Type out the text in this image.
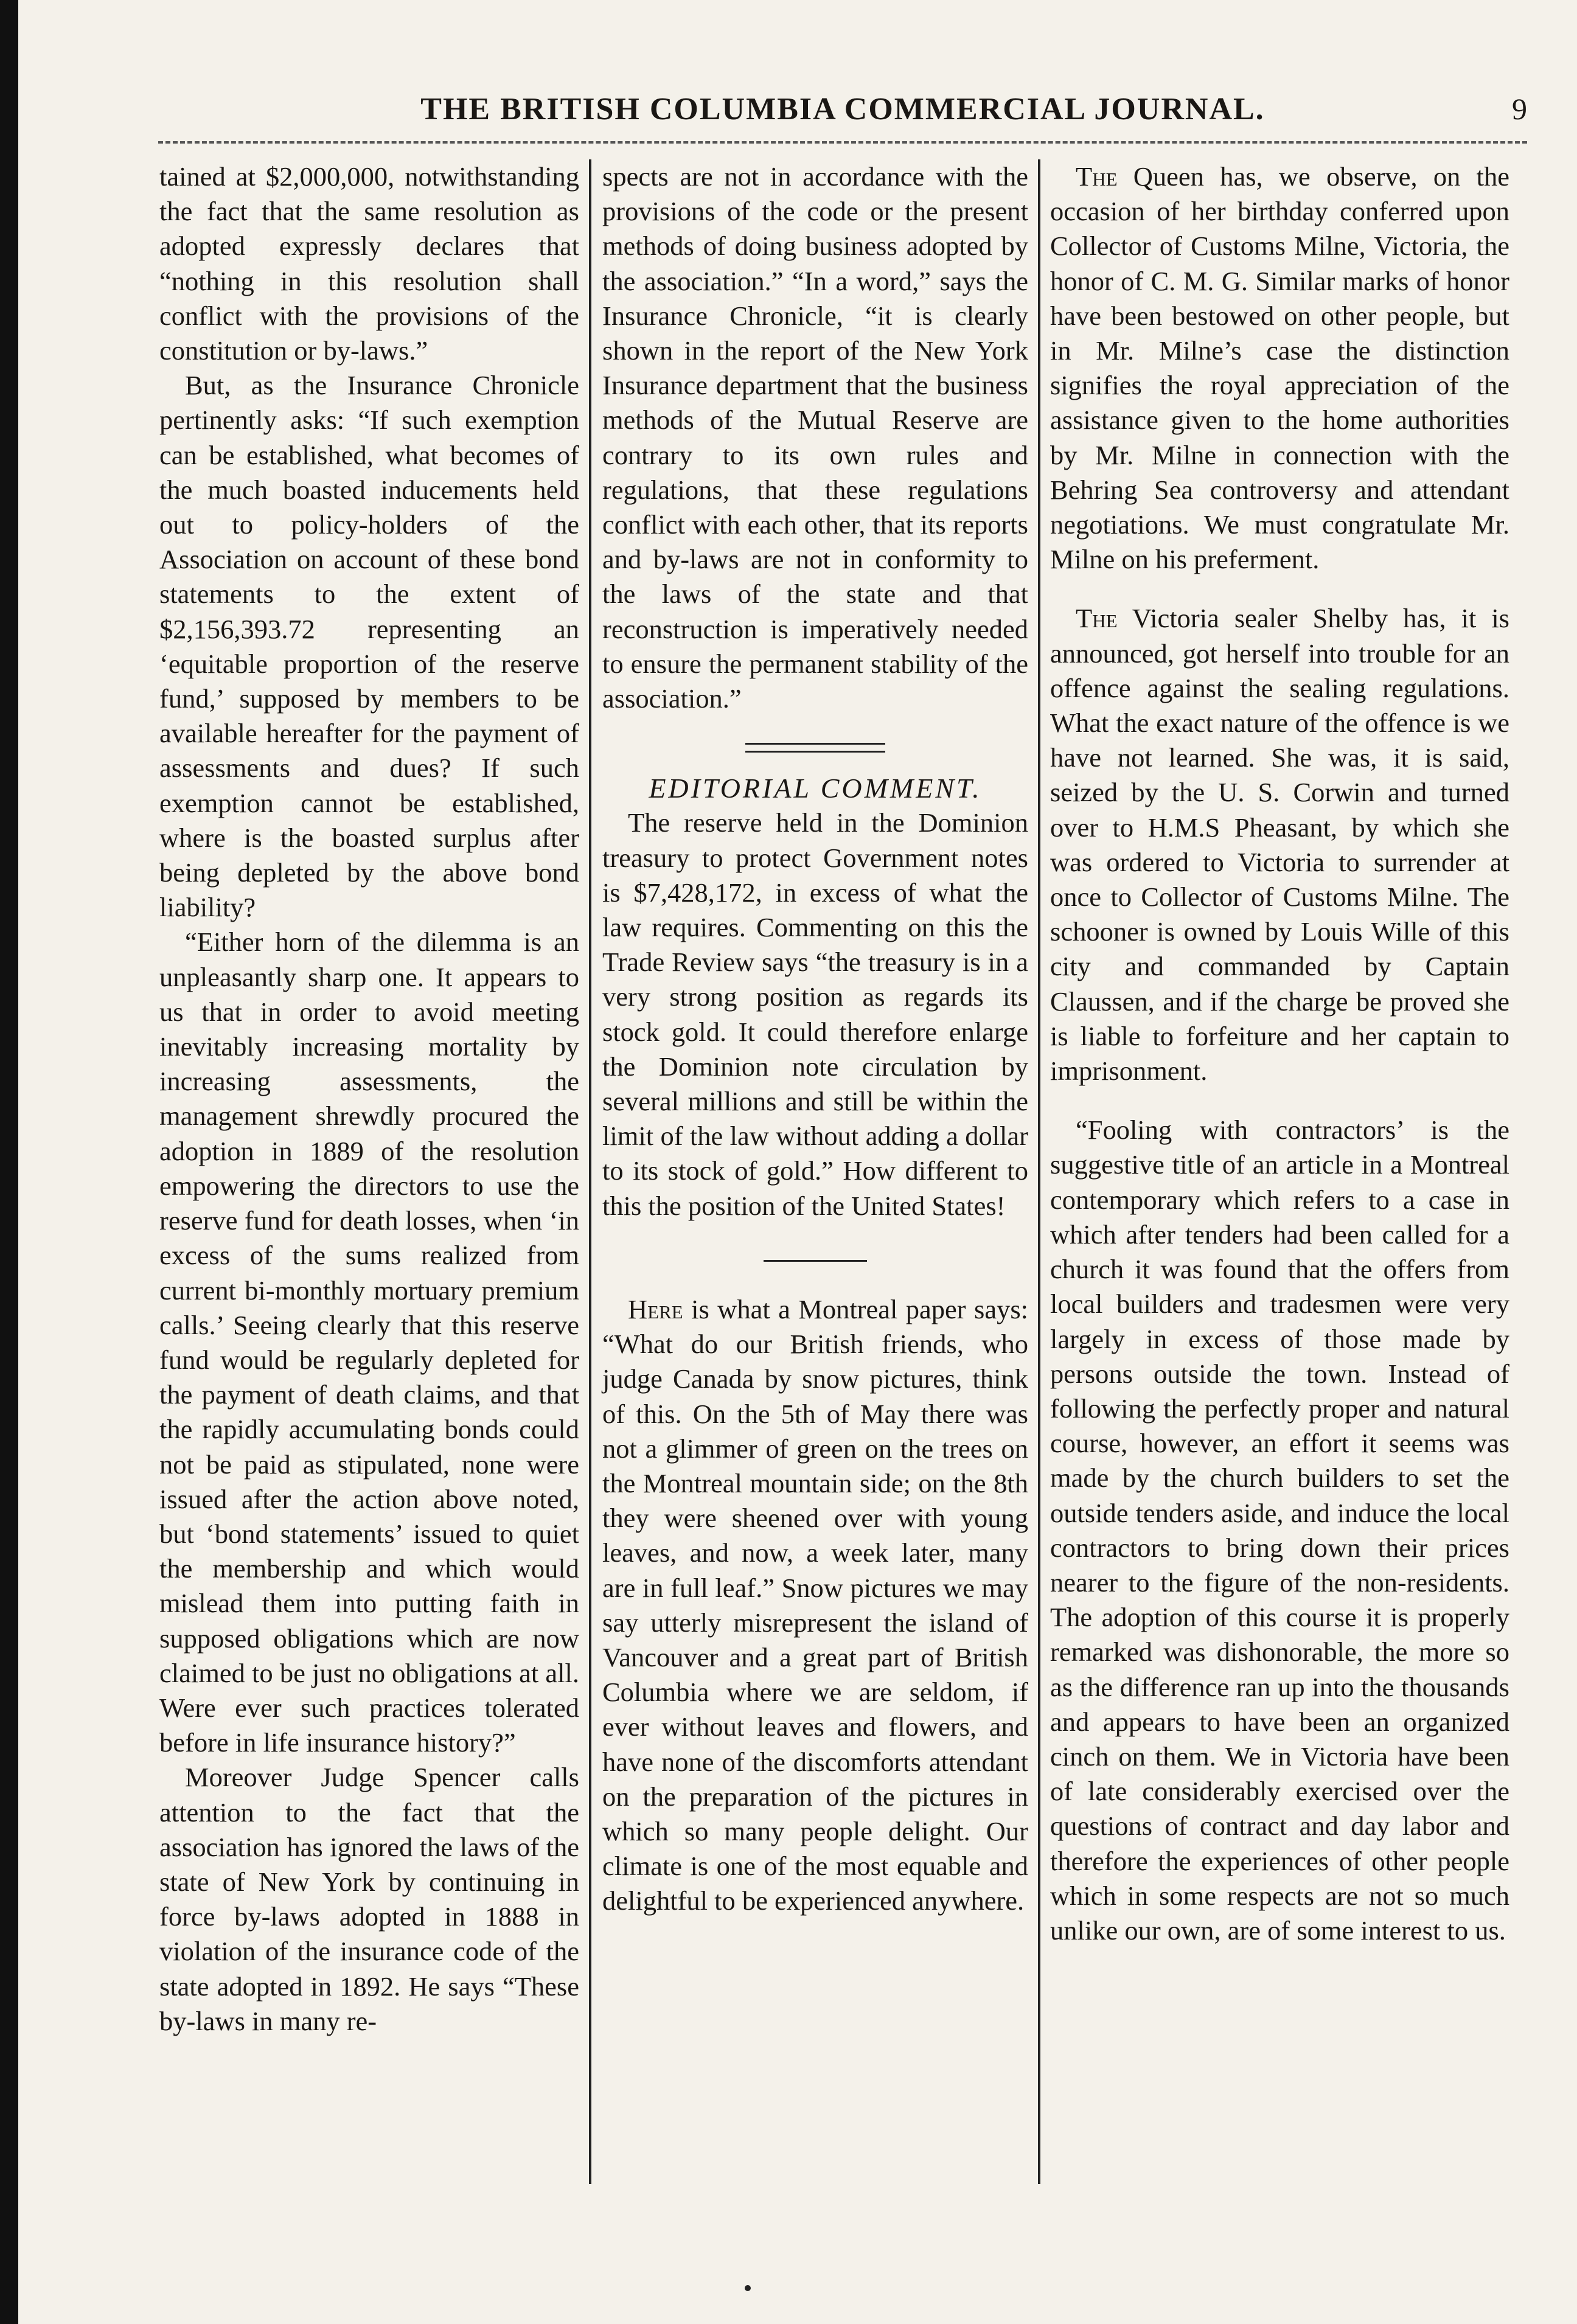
THE BRITISH COLUMBIA COMMERCIAL JOURNAL.	9

tained at $2,000,000, notwithstanding the fact that the same resolution as adopted expressly declares that “nothing in this resolution shall conflict with the provisions of the constitution or by-laws.”

But, as the Insurance Chronicle pertinently asks: “If such exemption can be established, what becomes of the much boasted inducements held out to policy-holders of the Association on account of these bond statements to the extent of $2,156,393.72 representing an ‘equitable proportion of the reserve fund,’ supposed by members to be available hereafter for the payment of assessments and dues? If such exemption cannot be established, where is the boasted surplus after being depleted by the above bond liability?

“Either horn of the dilemma is an unpleasantly sharp one. It appears to us that in order to avoid meeting inevitably increasing mortality by increasing assessments, the management shrewdly procured the adoption in 1889 of the resolution empowering the directors to use the reserve fund for death losses, when ‘in excess of the sums realized from current bi-monthly mortuary premium calls.’ Seeing clearly that this reserve fund would be regularly depleted for the payment of death claims, and that the rapidly accumulating bonds could not be paid as stipulated, none were issued after the action above noted, but ‘bond statements’ issued to quiet the membership and which would mislead them into putting faith in supposed obligations which are now claimed to be just no obligations at all. Were ever such practices tolerated before in life insurance history?”

Moreover Judge Spencer calls attention to the fact that the association has ignored the laws of the state of New York by continuing in force by-laws adopted in 1888 in violation of the insurance code of the state adopted in 1892. He says “These by-laws in many re-

spects are not in accordance with the provisions of the code or the present methods of doing business adopted by the association.” “In a word,” says the Insurance Chronicle, “it is clearly shown in the report of the New York Insurance department that the business methods of the Mutual Reserve are contrary to its own rules and regulations, that these regulations conflict with each other, that its reports and by-laws are not in conformity to the laws of the state and that reconstruction is imperatively needed to ensure the permanent stability of the association.”

EDITORIAL COMMENT.

The reserve held in the Dominion treasury to protect Government notes is $7,428,172, in excess of what the law requires. Commenting on this the Trade Review says “the treasury is in a very strong position as regards its stock gold. It could therefore enlarge the Dominion note circulation by several millions and still be within the limit of the law without adding a dollar to its stock of gold.” How different to this the position of the United States!

Here is what a Montreal paper says: “What do our British friends, who judge Canada by snow pictures, think of this. On the 5th of May there was not a glimmer of green on the trees on the Montreal mountain side; on the 8th they were sheened over with young leaves, and now, a week later, many are in full leaf.” Snow pictures we may say utterly misrepresent the island of Vancouver and a great part of British Columbia where we are seldom, if ever without leaves and flowers, and have none of the discomforts attendant on the preparation of the pictures in which so many people delight. Our climate is one of the most equable and delightful to be experienced anywhere.

The Queen has, we observe, on the occasion of her birthday conferred upon Collector of Customs Milne, Victoria, the honor of C. M. G. Similar marks of honor have been bestowed on other people, but in Mr. Milne’s case the distinction signifies the royal appreciation of the assistance given to the home authorities by Mr. Milne in connection with the Behring Sea controversy and attendant negotiations. We must congratulate Mr. Milne on his preferment.

The Victoria sealer Shelby has, it is announced, got herself into trouble for an offence against the sealing regulations. What the exact nature of the offence is we have not learned. She was, it is said, seized by the U. S. Corwin and turned over to H.M.S Pheasant, by which she was ordered to Victoria to surrender at once to Collector of Customs Milne. The schooner is owned by Louis Wille of this city and commanded by Captain Claussen, and if the charge be proved she is liable to forfeiture and her captain to imprisonment.

“Fooling with contractors’ is the suggestive title of an article in a Montreal contemporary which refers to a case in which after tenders had been called for a church it was found that the offers from local builders and tradesmen were very largely in excess of those made by persons outside the town. Instead of following the perfectly proper and natural course, however, an effort it seems was made by the church builders to set the outside tenders aside, and induce the local contractors to bring down their prices nearer to the figure of the non-residents. The adoption of this course it is properly remarked was dishonorable, the more so as the difference ran up into the thousands and appears to have been an organized cinch on them. We in Victoria have been of late considerably exercised over the questions of contract and day labor and therefore the experiences of other people which in some respects are not so much unlike our own, are of some interest to us.
